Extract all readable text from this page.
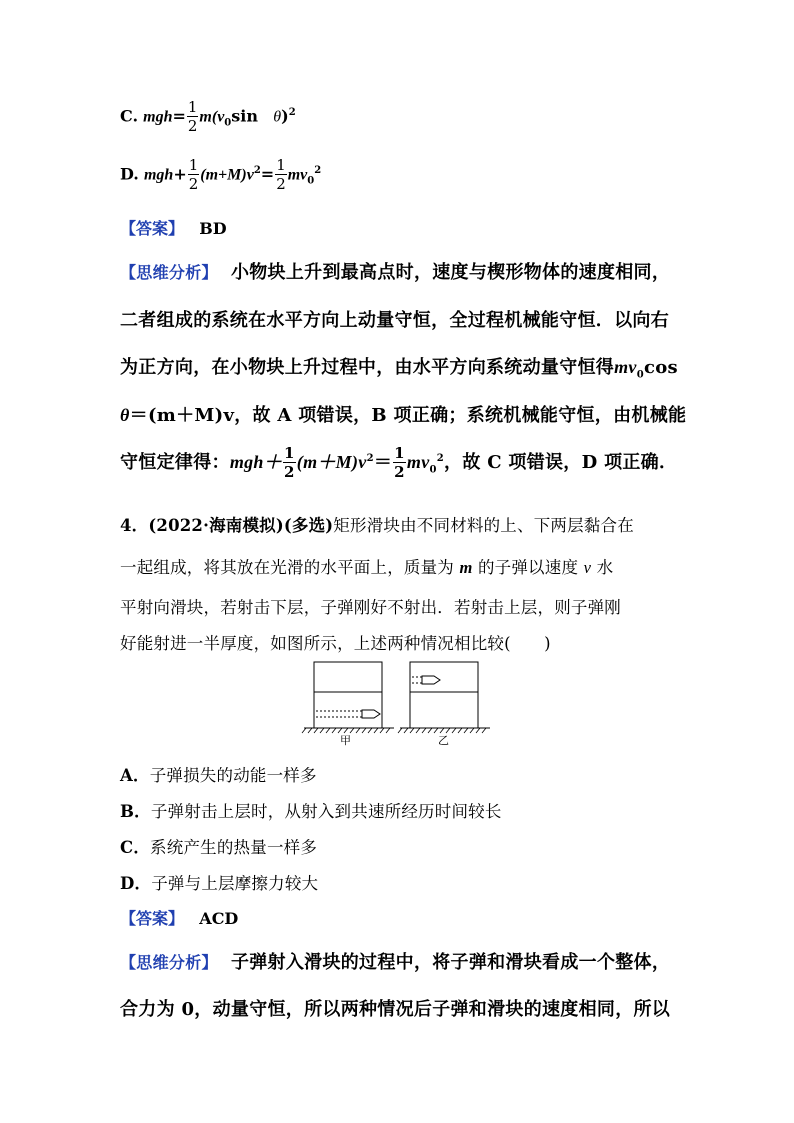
C. $mgh= \frac{1}{2} m(v_0\sin$ θ)$^2$
D. $mgh+ \frac{1}{2} (m+M)v^2= \frac{1}{2} mv_0^2$
【答案】 BD
【思维分析】 小物块上升到最高点时，速度与楔形物体的速度相同，
二者组成的系统在水平方向上动量守恒，全过程机械能守恒．以向右
为正方向，在小物块上升过程中，由水平方向系统动量守恒得$mv_0\cos$
θ＝(m＋M)v，故 A 项错误，B 项正确；系统机械能守恒，由机械能
守恒定律得：$mgh+ \frac{1}{2} (m+M)v^2= \frac{1}{2} mv_0^2$，故 C 项错误，D 项正确．
4．(2022·海南模拟)(多选)矩形滑块由不同材料的上、下两层黏合在
一起组成，将其放在光滑的水平面上，质量为 m 的子弹以速度 v 水
平射向滑块，若射击下层，子弹刚好不射出．若射击上层，则子弹刚
好能射进一半厚度，如图所示，上述两种情况相比较(　　)
甲	乙
A．子弹损失的动能一样多
B．子弹射击上层时，从射入到共速所经历时间较长
C．系统产生的热量一样多
D．子弹与上层摩擦力较大
【答案】 ACD
【思维分析】 子弹射入滑块的过程中，将子弹和滑块看成一个整体，
合力为 0，动量守恒，所以两种情况后子弹和滑块的速度相同，所以
